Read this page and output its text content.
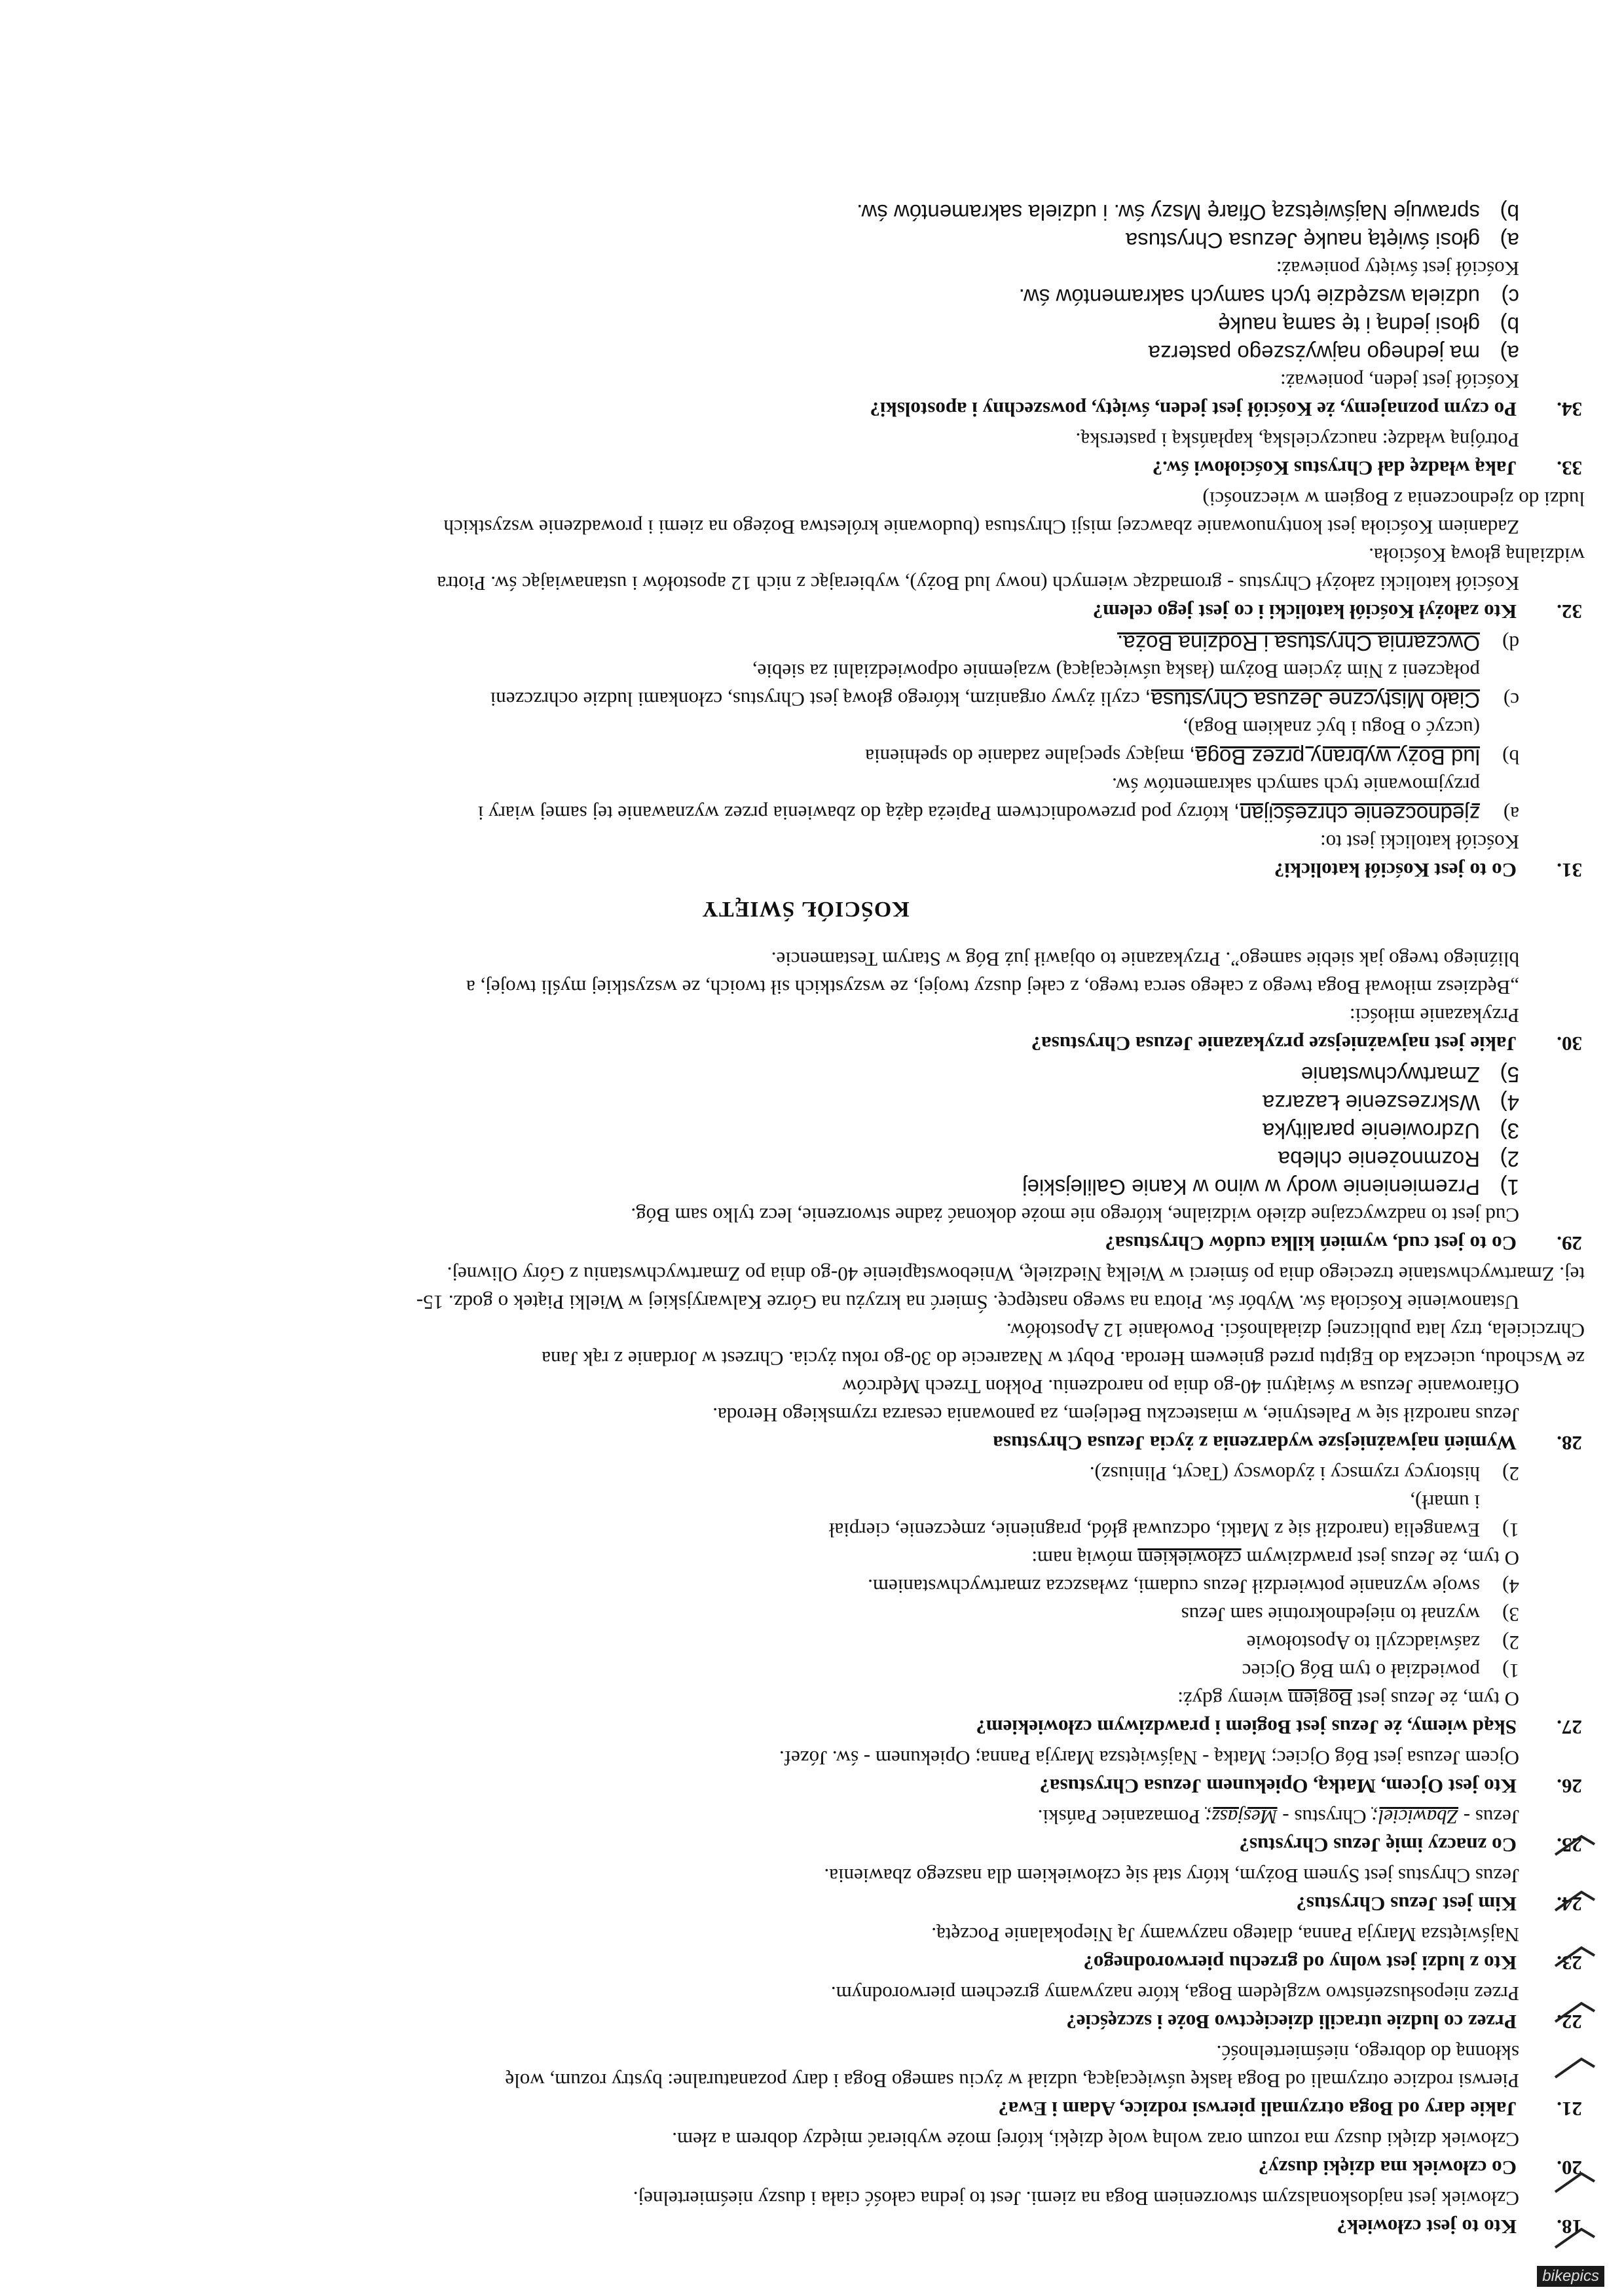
18.
Kto to jest człowiek?

Człowiek jest najdoskonalszym stworzeniem Boga na ziemi. Jest to jedna całość ciała i duszy nieśmiertelnej.

20.
Co człowiek ma dzięki duszy?

Człowiek dzięki duszy ma rozum oraz wolną wolę dzięki, której może wybierać między dobrem a złem.

21.
Jakie dary od Boga otrzymali pierwsi rodzice, Adam i Ewa?

Pierwsi rodzice otrzymali od Boga łaskę uświęcającą, udział w życiu samego Boga i dary pozanaturalne: bystry rozum, wolę

skłonną do dobrego, nieśmiertelność.

22.
Przez co ludzie utracili dziecięctwo Boże i szczęście?

Przez nieposłuszeństwo względem Boga, które nazywamy grzechem pierworodnym.

23.
Kto z ludzi jest wolny od grzechu pierworodnego?

Najświętsza Maryja Panna, dlatego nazywamy Ją Niepokalanie Poczętą.

24.
Kim jest Jezus Chrystus?

Jezus Chrystus jest Synem Bożym, który stał się człowiekiem dla naszego zbawienia.

25.
Co znaczy imię Jezus Chrystus?

Jezus - Zbawiciel; Chrystus - Mesjasz; Pomazaniec Pański.

26.
Kto jest Ojcem, Matką, Opiekunem Jezusa Chrystusa?

Ojcem Jezusa jest Bóg Ojciec; Matką - Najświętsza Maryja Panna; Opiekunem - św. Józef.

27.
Skąd wiemy, że Jezus jest Bogiem i prawdziwym człowiekiem?

O tym, że Jezus jest Bogiem wiemy gdyż:

1)
powiedział o tym Bóg Ojciec
2)
zaświadczyli to Apostołowie
3)
wyznał to niejednokrotnie sam Jezus
4)
swoje wyznanie potwierdził Jezus cudami, zwłaszcza zmartwychwstaniem.

O tym, że Jezus jest prawdziwym człowiekiem mówią nam:

1)
Ewangelia (narodził się z Matki, odczuwał głód, pragnienie, zmęczenie, cierpiał
i umarł),
2)
historycy rzymscy i żydowscy (Tacyt, Pliniusz).
28.
Wymień najważniejsze wydarzenia z życia Jezusa Chrystusa

Jezus narodził się w Palestynie, w miasteczku Betlejem, za panowania cesarza rzymskiego Heroda.

Ofiarowanie Jezusa w świątyni 40-go dnia po narodzeniu. Pokłon Trzech Mędrców

ze Wschodu, ucieczka do Egiptu przed gniewem Heroda. Pobyt w Nazarecie do 30-go roku życia. Chrzest w Jordanie z rąk Jana

Chrzciciela, trzy lata publicznej działalności. Powołanie 12 Apostołów.

Ustanowienie Kościoła św. Wybór św. Piotra na swego następcę. Śmierć na krzyżu na Górze Kalwaryjskiej w Wielki Piątek o godz. 15-

tej. Zmartwychwstanie trzeciego dnia po śmierci w Wielką Niedzielę, Wniebowstąpienie 40-go dnia po Zmartwychwstaniu z Góry Oliwnej.

29.
Co to jest cud, wymień kilka cudów Chrystusa?

Cud jest to nadzwyczajne dzieło widzialne, którego nie może dokonać żadne stworzenie, lecz tylko sam Bóg.

1)
Przemienienie wody w wino w Kanie Galilejskiej
2)
Rozmnożenie chleba
3)
Uzdrowienie paralityka
4)
Wskrzeszenie Łazarza
5)
Zmartwychwstanie
30.
Jakie jest najważniejsze przykazanie Jezusa Chrystusa?

Przykazanie miłości:

„Będziesz miłował Boga twego z całego serca twego, z całej duszy twojej, ze wszystkich sił twoich, ze wszystkiej myśli twojej, a

bliźniego twego jak siebie samego”. Przykazanie to objawił już Bóg w Starym Testamencie.

KOŚCIÓŁ ŚWIĘTY
31.
Co to jest Kościół katolicki?

Kościół katolicki jest to:

a)
zjednoczenie chrześcijan, którzy pod przewodnictwem Papieża dążą do zbawienia przez wyznawanie tej samej wiary i
przyjmowanie tych samych sakramentów św.
b)
lud Boży wybrany przez Boga, mający specjalne zadanie do spełnienia
(uczyć o Bogu i być znakiem Boga),
c)
Ciało Mistyczne Jezusa Chrystusa, czyli żywy organizm, którego głową jest Chrystus, członkami ludzie ochrzczeni
połączeni z Nim życiem Bożym (łaską uświęcającą) wzajemnie odpowiedzialni za siebie,
d)
Owczarnia Chrystusa i Rodzina Boża.
32.
Kto założył Kościół katolicki i co jest jego celem?

Kościół katolicki założył Chrystus - gromadząc wiernych (nowy lud Boży), wybierając z nich 12 apostołów i ustanawiając św. Piotra

widzialną głową Kościoła.

Zadaniem Kościoła jest kontynuowanie zbawczej misji Chrystusa (budowanie królestwa Bożego na ziemi i prowadzenie wszystkich

ludzi do zjednoczenia z Bogiem w wieczności)

33.
Jaką władzę dał Chrystus Kościołowi św.?

Potrójną władzę: nauczycielską, kapłańską i pasterską.

34.
Po czym poznajemy, że Kościół jest jeden, święty, powszechny i apostolski?

Kościół jest jeden, ponieważ:

a)
ma jednego najwyższego pasterza
b)
głosi jedną i tę samą naukę
c)
udziela wszędzie tych samych sakramentów św.

Kościół jest święty ponieważ:

a)
głosi świętą naukę Jezusa Chrystusa
b)
sprawuje Najświętszą Ofiarę Mszy św. i udziela sakramentów św.
bikepics
